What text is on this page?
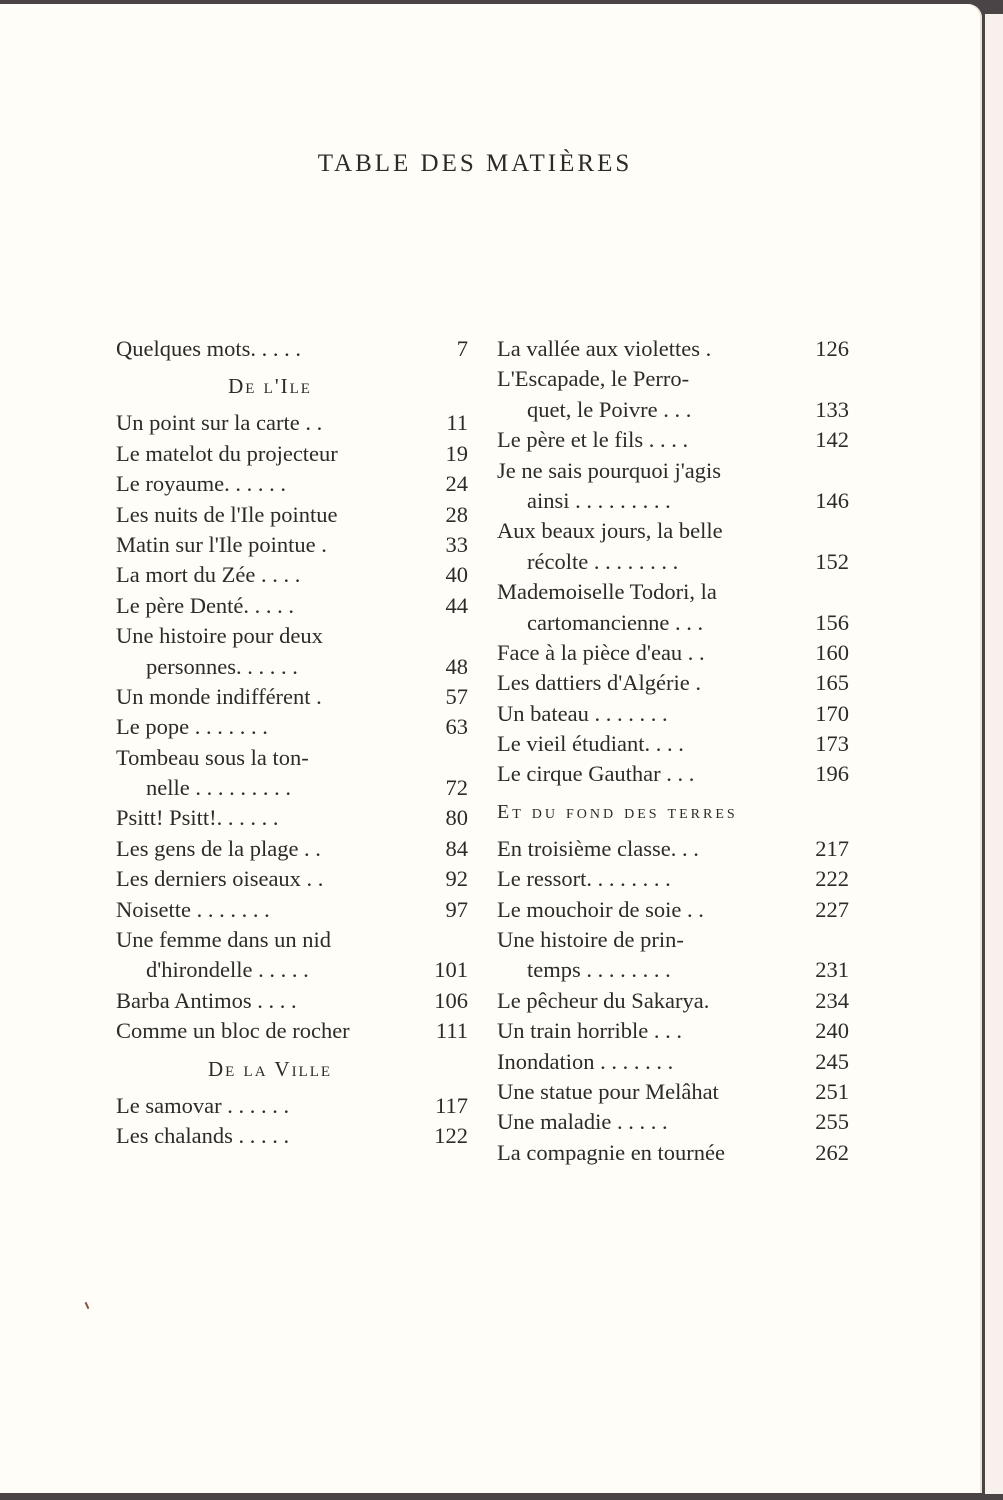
TABLE DES MATIÈRES
Quelques mots. . . . .	7
De l'Ile
Un point sur la carte . .	11
Le matelot du projecteur	19
Le royaume. . . . . .	24
Les nuits de l'Ile pointue	28
Matin sur l'Ile pointue .	33
La mort du Zée . . . .	40
Le père Denté. . . . .	44
Une histoire pour deux
personnes. . . . . .	48
Un monde indifférent .	57
Le pope . . . . . . .	63
Tombeau sous la ton-
nelle . . . . . . . . .	72
Psitt! Psitt!. . . . . .	80
Les gens de la plage . .	84
Les derniers oiseaux . .	92
Noisette . . . . . . .	97
Une femme dans un nid
d'hirondelle . . . . .	101
Barba Antimos . . . .	106
Comme un bloc de rocher	111
De la Ville
Le samovar . . . . . .	117
Les chalands . . . . .	122
La vallée aux violettes .	126
L'Escapade, le Perro-
quet, le Poivre . . .	133
Le père et le fils . . . .	142
Je ne sais pourquoi j'agis
ainsi . . . . . . . . .	146
Aux beaux jours, la belle
récolte . . . . . . . .	152
Mademoiselle Todori, la
cartomancienne . . .	156
Face à la pièce d'eau . .	160
Les dattiers d'Algérie .	165
Un bateau . . . . . . .	170
Le vieil étudiant. . . .	173
Le cirque Gauthar . . .	196
Et du fond des terres
En troisième classe. . .	217
Le ressort. . . . . . . .	222
Le mouchoir de soie . .	227
Une histoire de prin-
temps . . . . . . . .	231
Le pêcheur du Sakarya.	234
Un train horrible . . .	240
Inondation . . . . . . .	245
Une statue pour Melâhat	251
Une maladie . . . . .	255
La compagnie en tournée	262
